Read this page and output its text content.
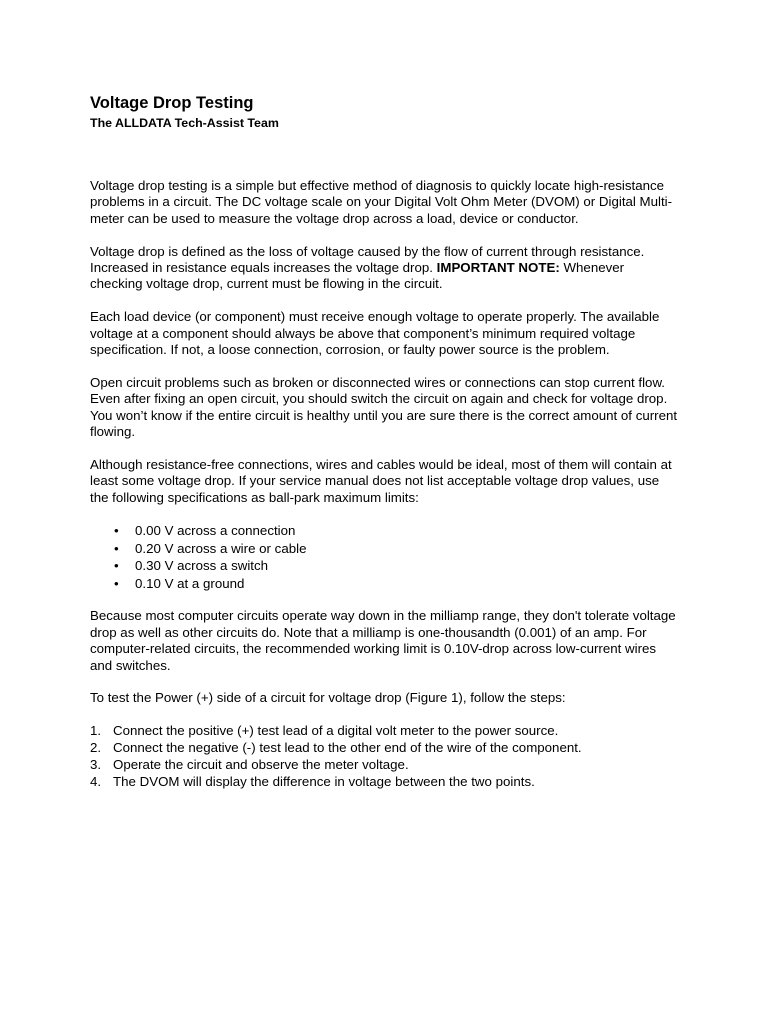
Voltage Drop Testing
The ALLDATA Tech-Assist Team

Voltage drop testing is a simple but effective method of diagnosis to quickly locate high-resistance problems in a circuit. The DC voltage scale on your Digital Volt Ohm Meter (DVOM) or Digital Multi-meter can be used to measure the voltage drop across a load, device or conductor.

Voltage drop is defined as the loss of voltage caused by the flow of current through resistance. Increased in resistance equals increases the voltage drop. IMPORTANT NOTE: Whenever checking voltage drop, current must be flowing in the circuit.

Each load device (or component) must receive enough voltage to operate properly. The available voltage at a component should always be above that component’s minimum required voltage specification. If not, a loose connection, corrosion, or faulty power source is the problem.

Open circuit problems such as broken or disconnected wires or connections can stop current flow. Even after fixing an open circuit, you should switch the circuit on again and check for voltage drop. You won’t know if the entire circuit is healthy until you are sure there is the correct amount of current flowing.

Although resistance-free connections, wires and cables would be ideal, most of them will contain at least some voltage drop. If your service manual does not list acceptable voltage drop values, use the following specifications as ball-park maximum limits:

• 0.00 V across a connection
• 0.20 V across a wire or cable
• 0.30 V across a switch
• 0.10 V at a ground

Because most computer circuits operate way down in the milliamp range, they don't tolerate voltage drop as well as other circuits do. Note that a milliamp is one-thousandth (0.001) of an amp. For computer-related circuits, the recommended working limit is 0.10V-drop across low-current wires and switches.

To test the Power (+) side of a circuit for voltage drop (Figure 1), follow the steps:

1. Connect the positive (+) test lead of a digital volt meter to the power source.
2. Connect the negative (-) test lead to the other end of the wire of the component.
3. Operate the circuit and observe the meter voltage.
4. The DVOM will display the difference in voltage between the two points.
